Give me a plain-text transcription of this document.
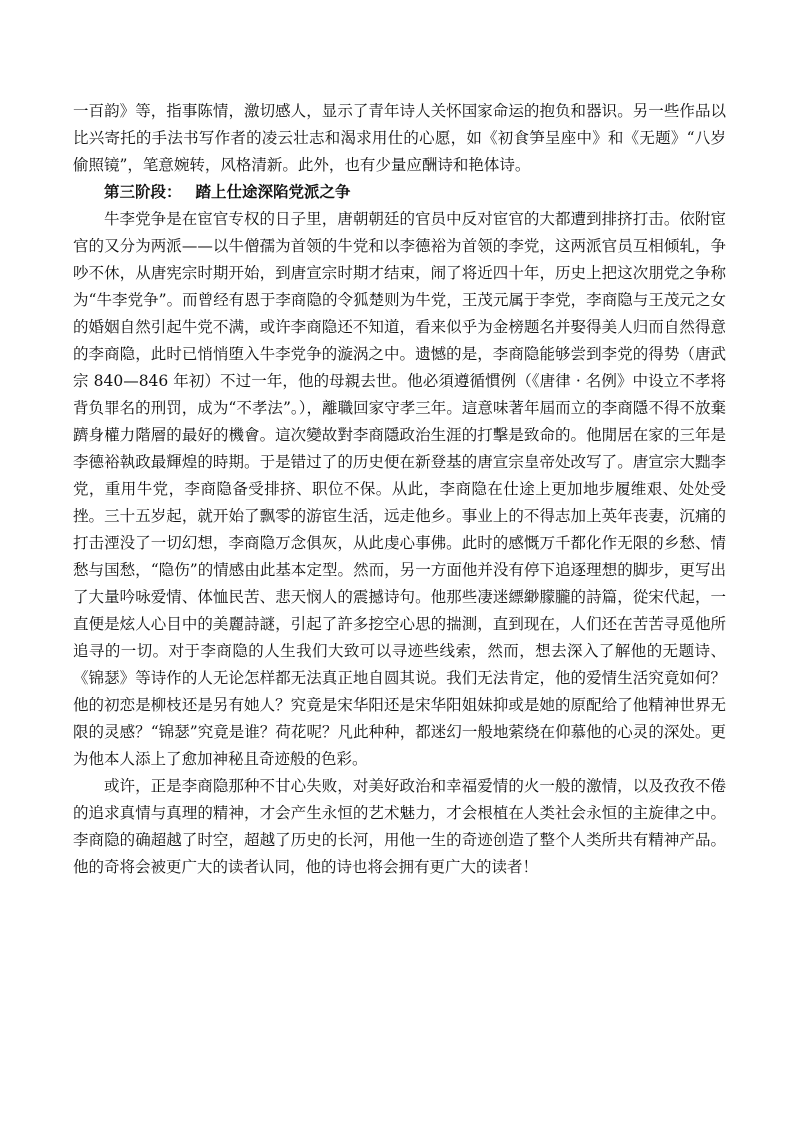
一百韵》等，指事陈情，激切感人，显示了青年诗人关怀国家命运的抱负和器识。另一些作品以比兴寄托的手法书写作者的凌云壮志和渴求用仕的心愿，如《初食笋呈座中》和《无题》“八岁偷照镜”，笔意婉转，风格清新。此外，也有少量应酬诗和艳体诗。

第三阶段： 踏上仕途深陷党派之争

牛李党争是在宦官专权的日子里，唐朝朝廷的官员中反对宦官的大都遭到排挤打击。依附宦官的又分为两派——以牛僧孺为首领的牛党和以李德裕为首领的李党，这两派官员互相倾轧，争吵不休，从唐宪宗时期开始，到唐宣宗时期才结束，闹了将近四十年，历史上把这次朋党之争称为“牛李党争”。而曾经有恩于李商隐的令狐楚则为牛党，王茂元属于李党，李商隐与王茂元之女的婚姻自然引起牛党不满，或许李商隐还不知道，看来似乎为金榜题名并娶得美人归而自然得意的李商隐，此时已悄悄堕入牛李党争的漩涡之中。遗憾的是，李商隐能够尝到李党的得势（唐武宗 840—846 年初）不过一年，他的母親去世。他必須遵循慣例（《唐律 · 名例》中设立不孝将背负罪名的刑罚，成为“不孝法”。），離職回家守孝三年。這意味著年屆而立的李商隱不得不放棄躋身權力階層的最好的機會。這次變故對李商隱政治生涯的打擊是致命的。他閒居在家的三年是李德裕執政最輝煌的時期。于是错过了的历史便在新登基的唐宣宗皇帝处改写了。唐宣宗大黜李党，重用牛党，李商隐备受排挤、职位不保。从此，李商隐在仕途上更加地步履维艰、处处受挫。三十五岁起，就开始了飘零的游宦生活，远走他乡。事业上的不得志加上英年丧妻，沉痛的打击湮没了一切幻想，李商隐万念俱灰，从此虔心事佛。此时的感慨万千都化作无限的乡愁、情愁与国愁，“隐伤”的情感由此基本定型。然而，另一方面他并没有停下追逐理想的脚步，更写出了大量吟咏爱情、体恤民苦、悲天悯人的震撼诗句。他那些凄迷縹緲朦朧的詩篇，從宋代起，一直便是炫人心目中的美麗詩謎，引起了許多挖空心思的揣測，直到现在，人们还在苦苦寻觅他所追寻的一切。对于李商隐的人生我们大致可以寻迹些线索，然而，想去深入了解他的无题诗、《锦瑟》等诗作的人无论怎样都无法真正地自圆其说。我们无法肯定，他的爱情生活究竟如何？他的初恋是柳枝还是另有她人？究竟是宋华阳还是宋华阳姐妹抑或是她的原配给了他精神世界无限的灵感？“锦瑟”究竟是谁？荷花呢？凡此种种，都迷幻一般地萦绕在仰慕他的心灵的深处。更为他本人添上了愈加神秘且奇迹般的色彩。

或许，正是李商隐那种不甘心失败，对美好政治和幸福爱情的火一般的激情，以及孜孜不倦的追求真情与真理的精神，才会产生永恒的艺术魅力，才会根植在人类社会永恒的主旋律之中。李商隐的确超越了时空，超越了历史的长河，用他一生的奇迹创造了整个人类所共有精神产品。他的奇将会被更广大的读者认同，他的诗也将会拥有更广大的读者！
